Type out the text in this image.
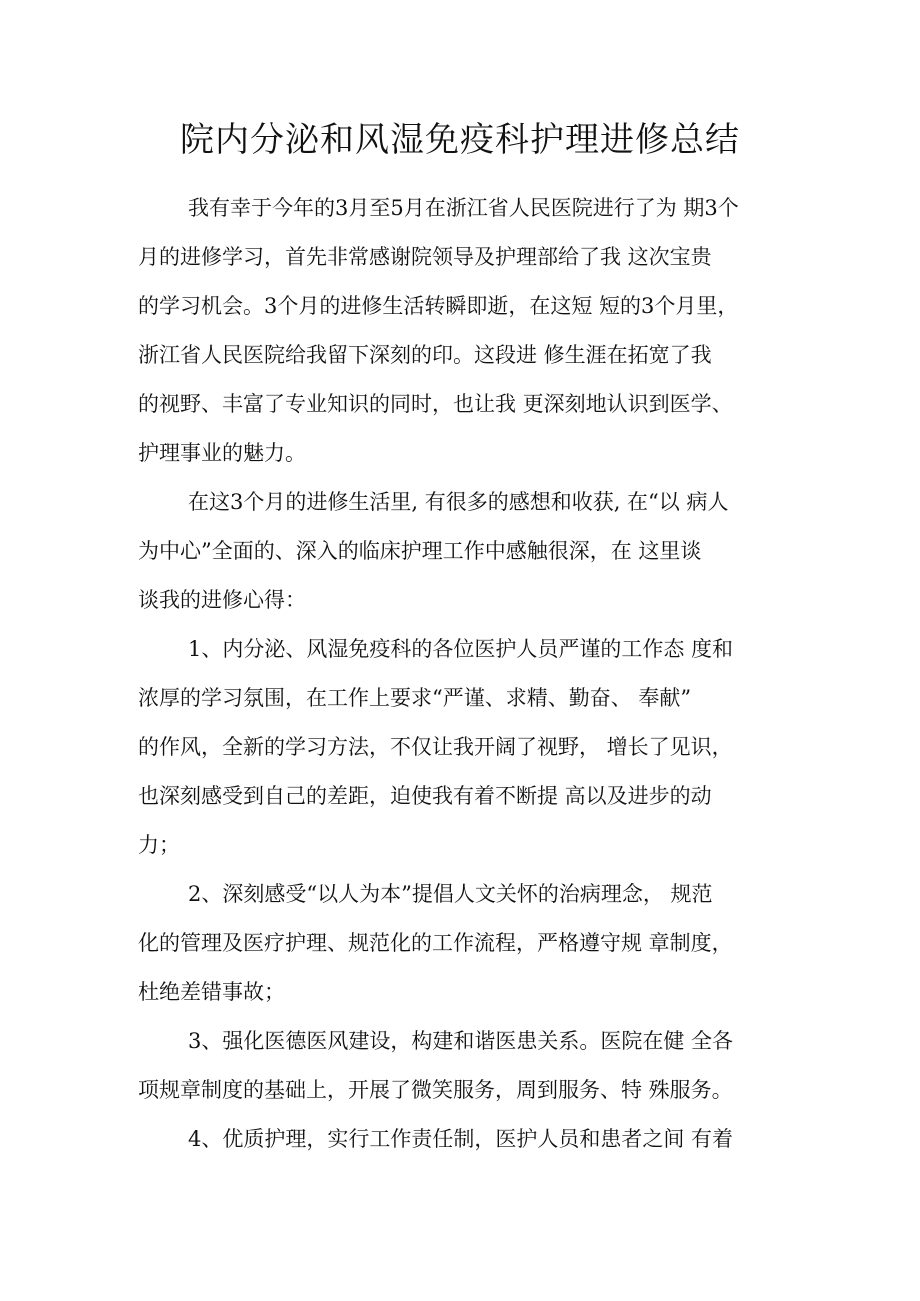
院内分泌和风湿免疫科护理进修总结
我有幸于今年的3月至5月在浙江省人民医院进行了为 期3个
月的进修学习，首先非常感谢院领导及护理部给了我 这次宝贵
的学习机会。3个月的进修生活转瞬即逝，在这短 短的3个月里，
浙江省人民医院给我留下深刻的印。这段进 修生涯在拓宽了我
的视野、丰富了专业知识的同时，也让我 更深刻地认识到医学、
护理事业的魅力。
在这3个月的进修生活里, 有很多的感想和收获, 在“以 病人
为中心”全面的、深入的临床护理工作中感触很深，在 这里谈
谈我的进修心得：
1、内分泌、风湿免疫科的各位医护人员严谨的工作态 度和
浓厚的学习氛围，在工作上要求“严谨、求精、勤奋、 奉献”
的作风，全新的学习方法，不仅让我开阔了视野， 增长了见识，
也深刻感受到自己的差距，迫使我有着不断提 高以及进步的动
力；
2、深刻感受“以人为本”提倡人文关怀的治病理念， 规范
化的管理及医疗护理、规范化的工作流程，严格遵守规 章制度，
杜绝差错事故；
3、强化医德医风建设，构建和谐医患关系。医院在健 全各
项规章制度的基础上，开展了微笑服务，周到服务、特 殊服务。
4、优质护理，实行工作责任制，医护人员和患者之间 有着
